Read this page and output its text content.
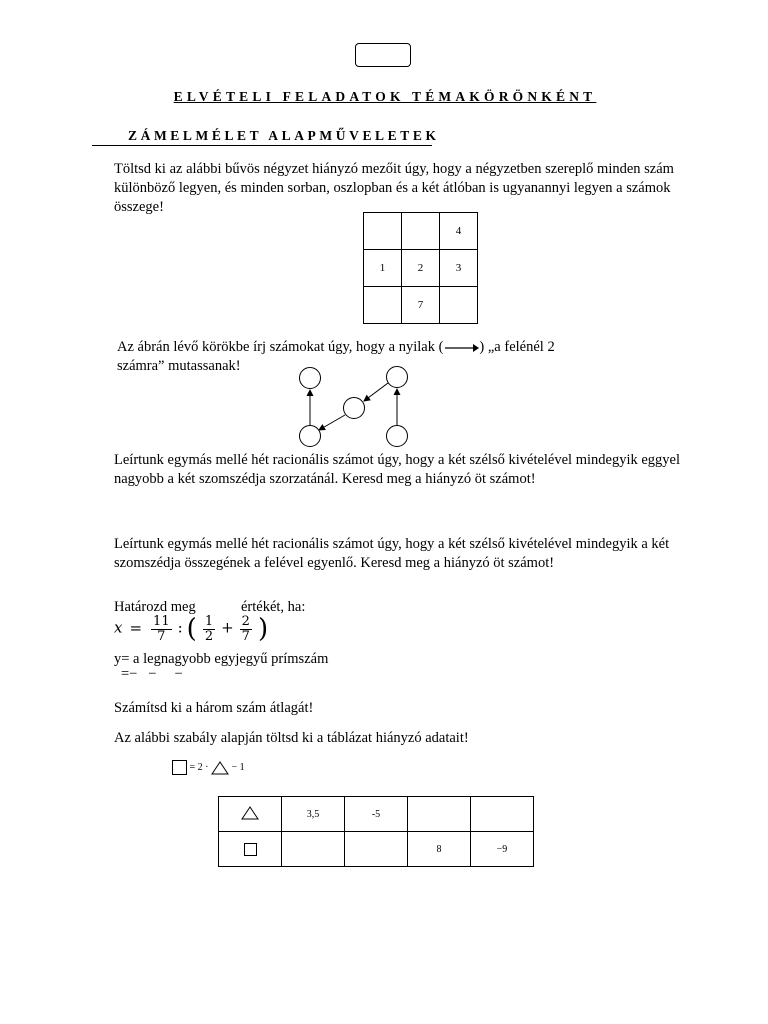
ELVÉTELI FELADATOK TÉMAKÖRÖNKÉNT
ZÁMELMÉLET ALAPMŰVELETEK
Töltsd ki az alábbi bűvös négyzet hiányzó mezőit úgy, hogy a négyzetben szereplő minden szám különböző legyen, és minden sorban, oszlopban és a két átlóban is ugyanannyi legyen a számok összege!
		4
1	2	3
	7	
Az ábrán lévő körökbe írj számokat úgy, hogy a nyilak ( ) „a felénél 2
számra” mutassanak!
Leírtunk egymás mellé hét racionális számot úgy, hogy a két szélső kivételével mindegyik eggyel nagyobb a két szomszédja szorzatánál. Keresd meg a hiányzó öt számot!
Leírtunk egymás mellé hét racionális számot úgy, hogy a két szélső kivételével mindegyik a két szomszédja összegének a felével egyenlő. Keresd meg a hiányzó öt számot!
Határozd meg	értékét, ha:
$x = \frac{11}{7}$ : ( $\frac{1}{2} + \frac{2}{7}$ )
y= a legnagyobb egyjegyű prímszám
=−   −     −
Számítsd ki a három szám átlagát!
Az alábbi szabály alapján töltsd ki a táblázat hiányzó adatait!
= 2 · − 1
	3,5	-5		
			8	−9
